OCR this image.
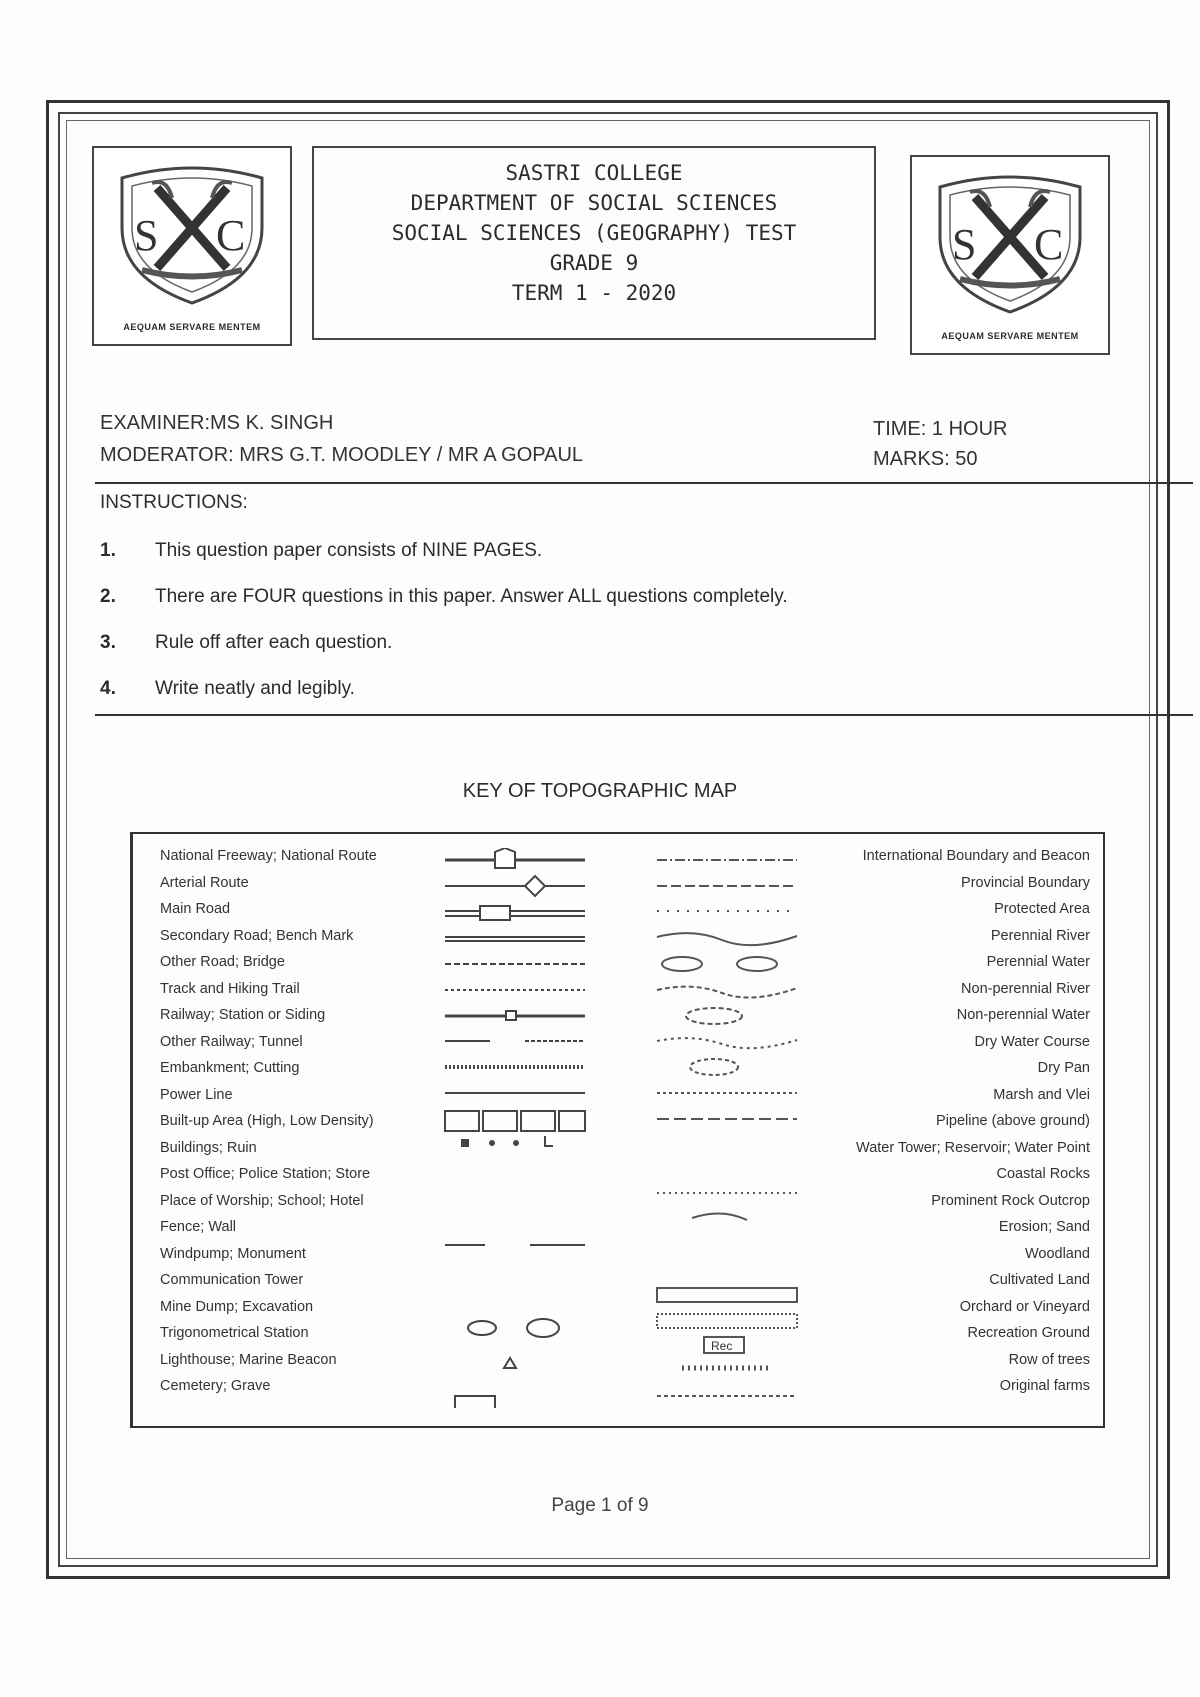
S C
AEQUAM SERVARE MENTEM
SASTRI COLLEGE
DEPARTMENT OF SOCIAL SCIENCES
SOCIAL SCIENCES (GEOGRAPHY) TEST
GRADE 9
TERM 1 - 2020
S C
AEQUAM SERVARE MENTEM
EXAMINER:MS K. SINGH
MODERATOR: MRS G.T. MOODLEY / MR A GOPAUL
TIME: 1 HOUR
MARKS: 50
INSTRUCTIONS:
1. This question paper consists of NINE PAGES.
2. There are FOUR questions in this paper. Answer ALL questions completely.
3. Rule off after each question.
4. Write neatly and legibly.
KEY OF TOPOGRAPHIC MAP
National Freeway; National Route	International Boundary and Beacon
Arterial Route	Provincial Boundary
Main Road	Protected Area
Secondary Road; Bench Mark	Perennial River
Other Road; Bridge	Perennial Water
Track and Hiking Trail	Non-perennial River
Railway; Station or Siding	Non-perennial Water
Other Railway; Tunnel	Dry Water Course
Embankment; Cutting	Dry Pan
Power Line	Marsh and Vlei
Built-up Area (High, Low Density)	Pipeline (above ground)
Buildings; Ruin	Water Tower; Reservoir; Water Point
Post Office; Police Station; Store	Coastal Rocks
Place of Worship; School; Hotel	Prominent Rock Outcrop
Fence; Wall	Erosion; Sand
Windpump; Monument	Woodland
Communication Tower	Cultivated Land
Mine Dump; Excavation	Orchard or Vineyard
Trigonometrical Station	Recreation Ground
Lighthouse; Marine Beacon	Row of trees
Cemetery; Grave	Original farms
Rec
Page 1 of 9
